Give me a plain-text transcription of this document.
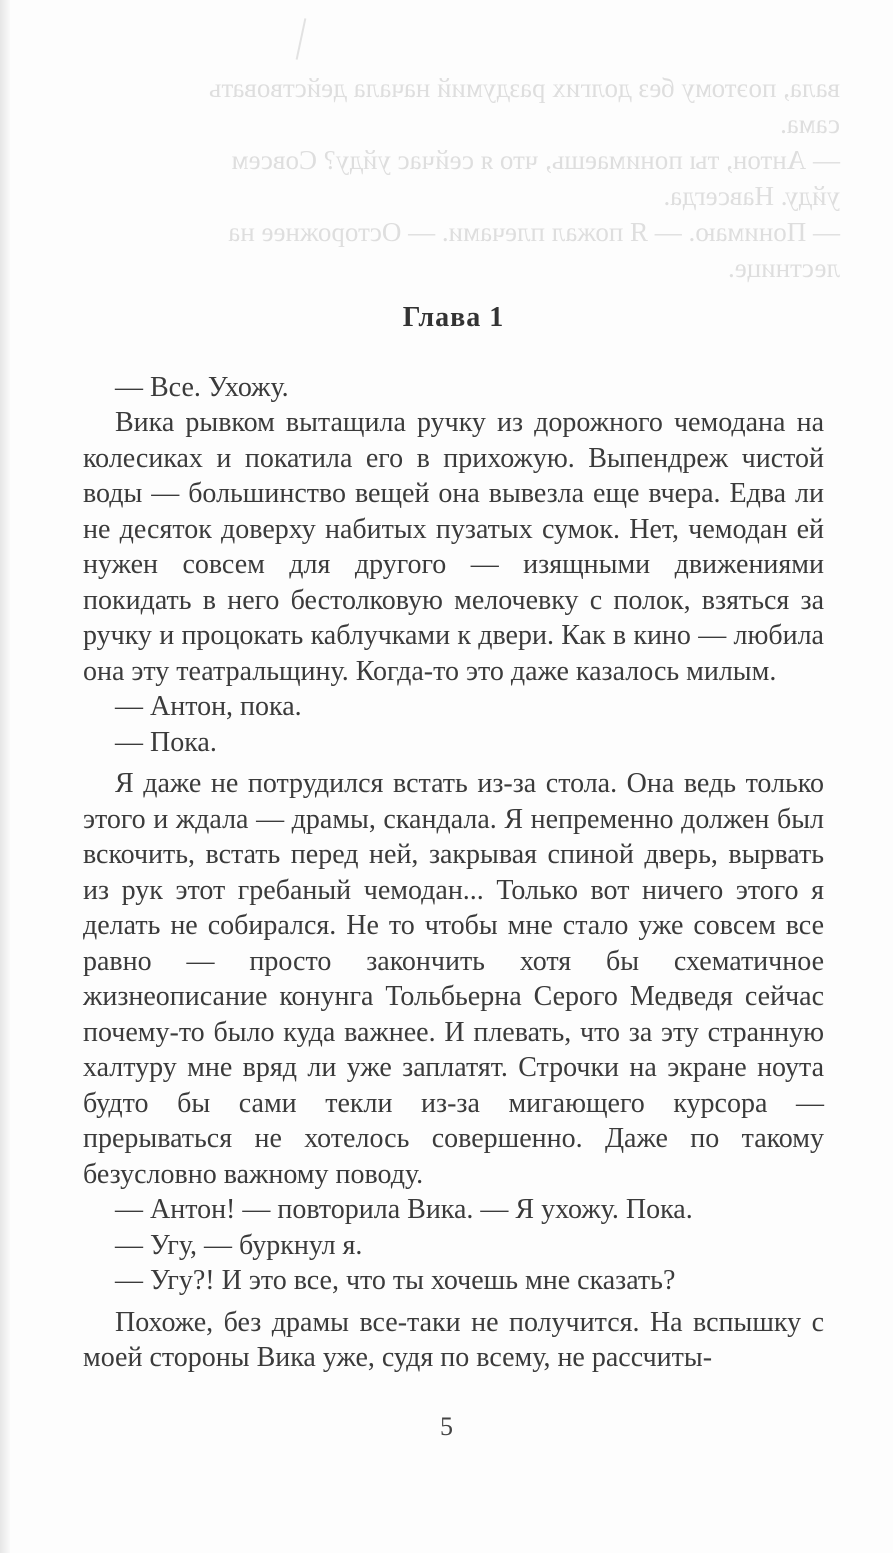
вала, поэтому без долгих раздумий начала действовать

сама.

— Антон, ты понимаешь, что я сейчас уйду? Совсем

уйду. Навсегда.

— Понимаю. — Я пожал плечами. — Осторожнее на

лестнице.

Глава 1

— Все. Ухожу.

Вика рывком вытащила ручку из дорожного чемодана на колесиках и покатила его в прихожую. Выпендреж чистой воды — большинство вещей она вывезла еще вчера. Едва ли не десяток доверху набитых пузатых сумок. Нет, чемодан ей нужен совсем для другого — изящными движениями покидать в него бестолковую мелочевку с полок, взяться за ручку и процокать каблучками к двери. Как в кино — любила она эту театральщину. Когда-то это даже казалось милым.

— Антон, пока.

— Пока.

Я даже не потрудился встать из-за стола. Она ведь только этого и ждала — драмы, скандала. Я непременно должен был вскочить, встать перед ней, закрывая спиной дверь, вырвать из рук этот гребаный чемодан... Только вот ничего этого я делать не собирался. Не то чтобы мне стало уже совсем все равно — просто закончить хотя бы схематичное жизнеописание конунга Тольбьерна Серого Медведя сейчас почему-то было куда важнее. И плевать, что за эту странную халтуру мне вряд ли уже заплатят. Строчки на экране ноута будто бы сами текли из-за мигающего курсора — прерываться не хотелось совершенно. Даже по такому безусловно важному поводу.

— Антон! — повторила Вика. — Я ухожу. Пока.

— Угу, — буркнул я.

— Угу?! И это все, что ты хочешь мне сказать?

Похоже, без драмы все-таки не получится. На вспышку с моей стороны Вика уже, судя по всему, не рассчиты-

5
